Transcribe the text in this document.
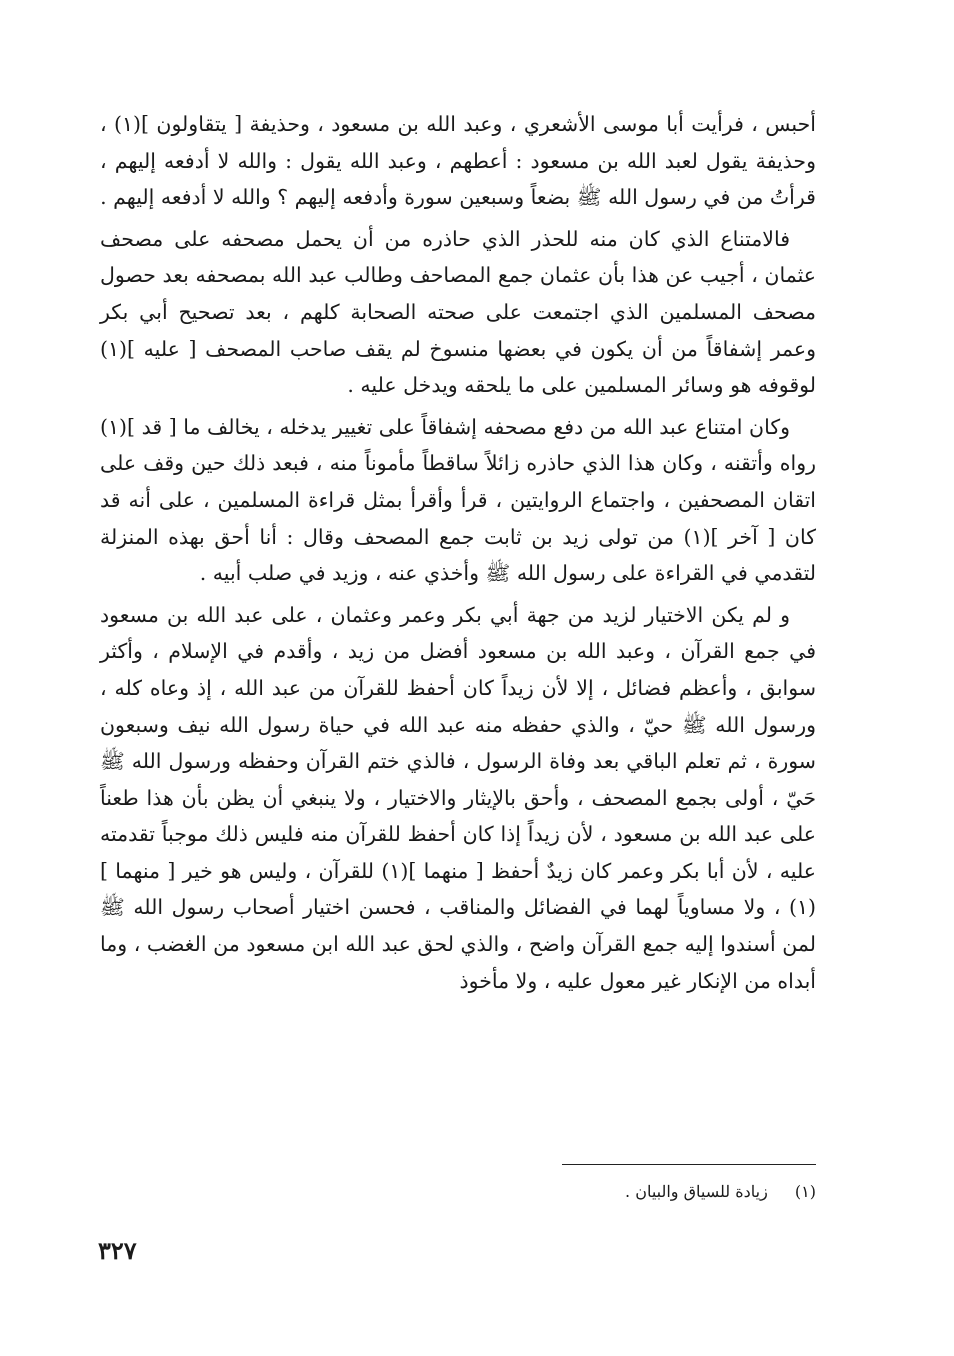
أحبس ، فرأيت أبا موسى الأشعري ، وعبد الله بن مسعود ، وحذيفة [ يتقاولون ](١) ، وحذيفة يقول لعبد الله بن مسعود : أعطهم ، وعبد الله يقول : والله لا أدفعه إليهم ، قرأتُ من في رسول الله ﷺ بضعاً وسبعين سورة وأدفعه إليهم ؟ والله لا أدفعه إليهم .

فالامتناع الذي كان منه للحذر الذي حاذره من أن يحمل مصحفه على مصحف عثمان ، أجيب عن هذا بأن عثمان جمع المصاحف وطالب عبد الله بمصحفه بعد حصول مصحف المسلمين الذي اجتمعت على صحته الصحابة كلهم ، بعد تصحيح أبي بكر وعمر إشفاقاً من أن يكون في بعضها منسوخ لم يقف صاحب المصحف [ عليه ](١) لوقوفه هو وسائر المسلمين على ما يلحقه ويدخل عليه .

وكان امتناع عبد الله من دفع مصحفه إشفاقاً على تغيير يدخله ، يخالف ما [ قد ](١) رواه وأتقنه ، وكان هذا الذي حاذره زائلاً ساقطاً مأموناً منه ، فبعد ذلك حين وقف على اتقان المصحفين ، واجتماع الروايتين ، قرأ وأقرأ بمثل قراءة المسلمين ، على أنه قد كان [ آخر ](١) من تولى زيد بن ثابت جمع المصحف وقال : أنا أحق بهذه المنزلة لتقدمي في القراءة على رسول الله ﷺ وأخذي عنه ، وزيد في صلب أبيه .

و لم يكن الاختيار لزيد من جهة أبي بكر وعمر وعثمان ، على عبد الله بن مسعود في جمع القرآن ، وعبد الله بن مسعود أفضل من زيد ، وأقدم في الإسلام ، وأكثر سوابق ، وأعظم فضائل ، إلا لأن زيداً كان أحفظ للقرآن من عبد الله ، إذ وعاه كله ، ورسول الله ﷺ حيّ ، والذي حفظه منه عبد الله في حياة رسول الله نيف وسبعون سورة ، ثم تعلم الباقي بعد وفاة الرسول ، فالذي ختم القرآن وحفظه ورسول الله ﷺ حَيّ ، أولى بجمع المصحف ، وأحق بالإيثار والاختيار ، ولا ينبغي أن يظن بأن هذا طعناً على عبد الله بن مسعود ، لأن زيداً إذا كان أحفظ للقرآن منه فليس ذلك موجباً تقدمته عليه ، لأن أبا بكر وعمر كان زيدٌ أحفظ [ منهما ](١) للقرآن ، وليس هو خير [ منهما ](١) ، ولا مساوياً لهما في الفضائل والمناقب ، فحسن اختيار أصحاب رسول الله ﷺ لمن أسندوا إليه جمع القرآن واضح ، والذي لحق عبد الله ابن مسعود من الغضب ، وما أبداه من الإنكار غير معول عليه ، ولا مأخوذ

(١) زيادة للسياق والبيان .
٣٢٧
